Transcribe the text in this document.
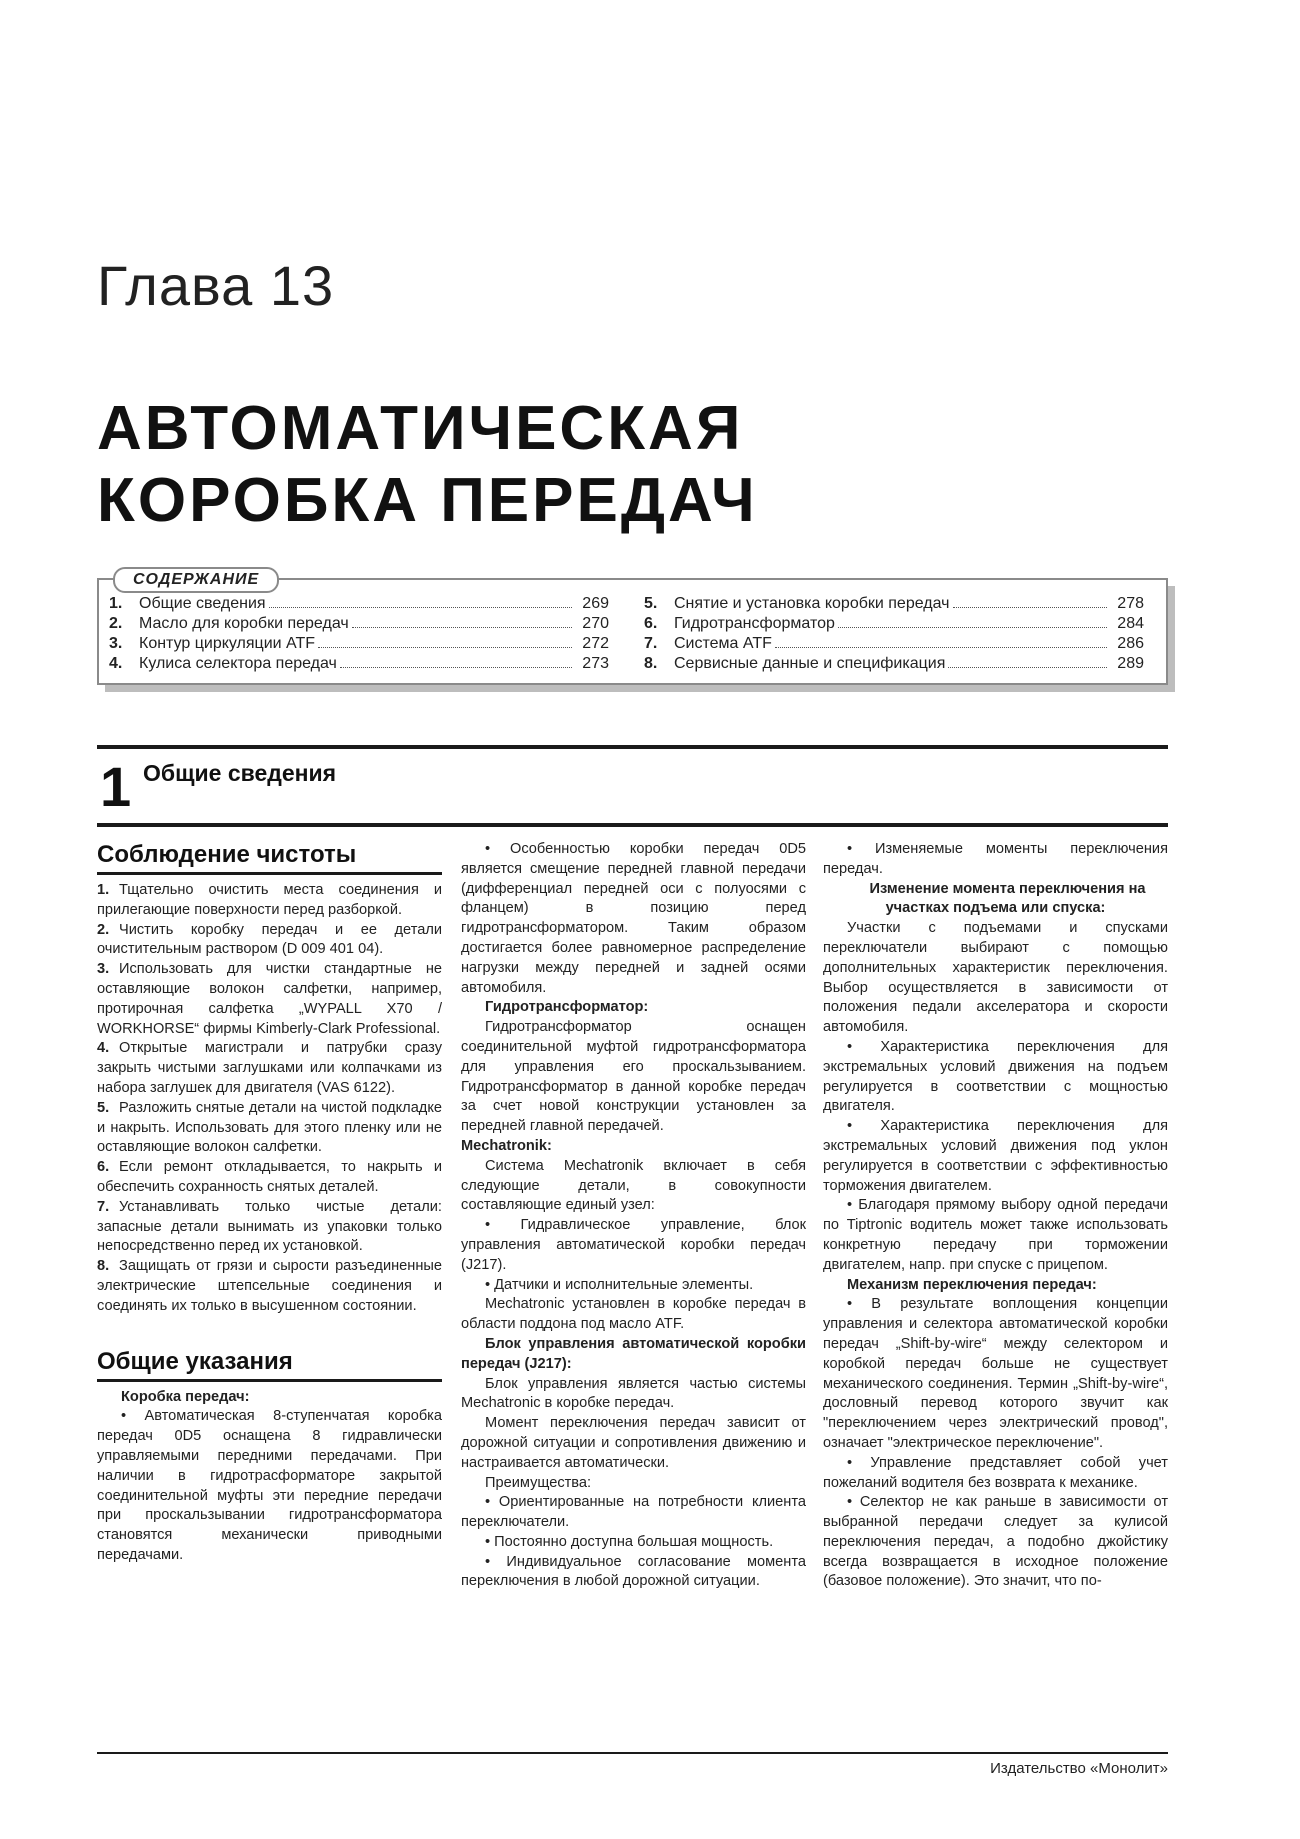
Глава 13
АВТОМАТИЧЕСКАЯ
КОРОБКА ПЕРЕДАЧ
СОДЕРЖАНИЕ
1.	Общие сведения	269
2.	Масло для коробки передач	270
3.	Контур циркуляции ATF	272
4.	Кулиса селектора передач	273
5.	Снятие и установка коробки передач	278
6.	Гидротрансформатор	284
7.	Система ATF	286
8.	Сервисные данные и спецификация	289
1 Общие сведения
Соблюдение чистоты
1. Тщательно очистить места соединения и прилегающие поверхности перед разборкой.
2. Чистить коробку передач и ее детали очистительным раствором (D 009 401 04).
3. Использовать для чистки стандартные не оставляющие волокон салфетки, например, протирочная салфетка „WYPALL X70 / WORKHORSE“ фирмы Kimberly-Clark Professional.
4. Открытые магистрали и патрубки сразу закрыть чистыми заглушками или колпачками из набора заглушек для двигателя (VAS 6122).
5. Разложить снятые детали на чистой подкладке и накрыть. Использовать для этого пленку или не оставляющие волокон салфетки.
6. Если ремонт откладывается, то накрыть и обеспечить сохранность снятых деталей.
7. Устанавливать только чистые детали: запасные детали вынимать из упаковки только непосредственно перед их установкой.
8. Защищать от грязи и сырости разъединенные электрические штепсельные соединения и соединять их только в высушенном состоянии.
Общие указания

Коробка передач:

• Автоматическая 8-ступенчатая коробка передач 0D5 оснащена 8 гидравлически управляемыми передними передачами. При наличии в гидротрасформаторе закрытой соединительной муфты эти передние передачи при проскальзывании гидротрансформатора становятся механически приводными передачами.

• Особенностью коробки передач 0D5 является смещение передней главной передачи (дифференциал передней оси с полуосями с фланцем) в позицию перед гидротрансформатором. Таким образом достигается более равномерное распределение нагрузки между передней и задней осями автомобиля.

Гидротрансформатор:

Гидротрансформатор оснащен соединительной муфтой гидротрансформатора для управления его проскальзыванием. Гидротрансформатор в данной коробке передач за счет новой конструкции установлен за передней главной передачей.

Mechatronik:

Система Mechatronik включает в себя следующие детали, в совокупности составляющие единый узел:

• Гидравлическое управление, блок управления автоматической коробки передач (J217).

• Датчики и исполнительные элементы.

Mechatronic установлен в коробке передач в области поддона под масло ATF.

Блок управления автоматической коробки передач (J217):

Блок управления является частью системы Mechatronic в коробке передач.

Момент переключения передач зависит от дорожной ситуации и сопротивления движению и настраивается автоматически.

Преимущества:

• Ориентированные на потребности клиента переключатели.

• Постоянно доступна большая мощность.

• Индивидуальное согласование момента переключения в любой дорожной ситуации.

• Изменяемые моменты переключения передач.

Изменение момента переключения на участках подъема или спуска:

Участки с подъемами и спусками переключатели выбирают с помощью дополнительных характеристик переключения. Выбор осуществляется в зависимости от положения педали акселератора и скорости автомобиля.

• Характеристика переключения для экстремальных условий движения на подъем регулируется в соответствии с мощностью двигателя.

• Характеристика переключения для экстремальных условий движения под уклон регулируется в соответствии с эффективностью торможения двигателем.

• Благодаря прямому выбору одной передачи по Tiptronic водитель может также использовать конкретную передачу при торможении двигателем, напр. при спуске с прицепом.

Механизм переключения передач:

• В результате воплощения концепции управления и селектора автоматической коробки передач „Shift-by-wire“ между селектором и коробкой передач больше не существует механического соединения. Термин „Shift-by-wire“, дословный перевод которого звучит как "переключением через электрический провод", означает "электрическое переключение".

• Управление представляет собой учет пожеланий водителя без возврата к механике.

• Селектор не как раньше в зависимости от выбранной передачи следует за кулисой переключения передач, а подобно джойстику всегда возвращается в исходное положение (базовое положение). Это значит, что по-

Издательство «Монолит»
